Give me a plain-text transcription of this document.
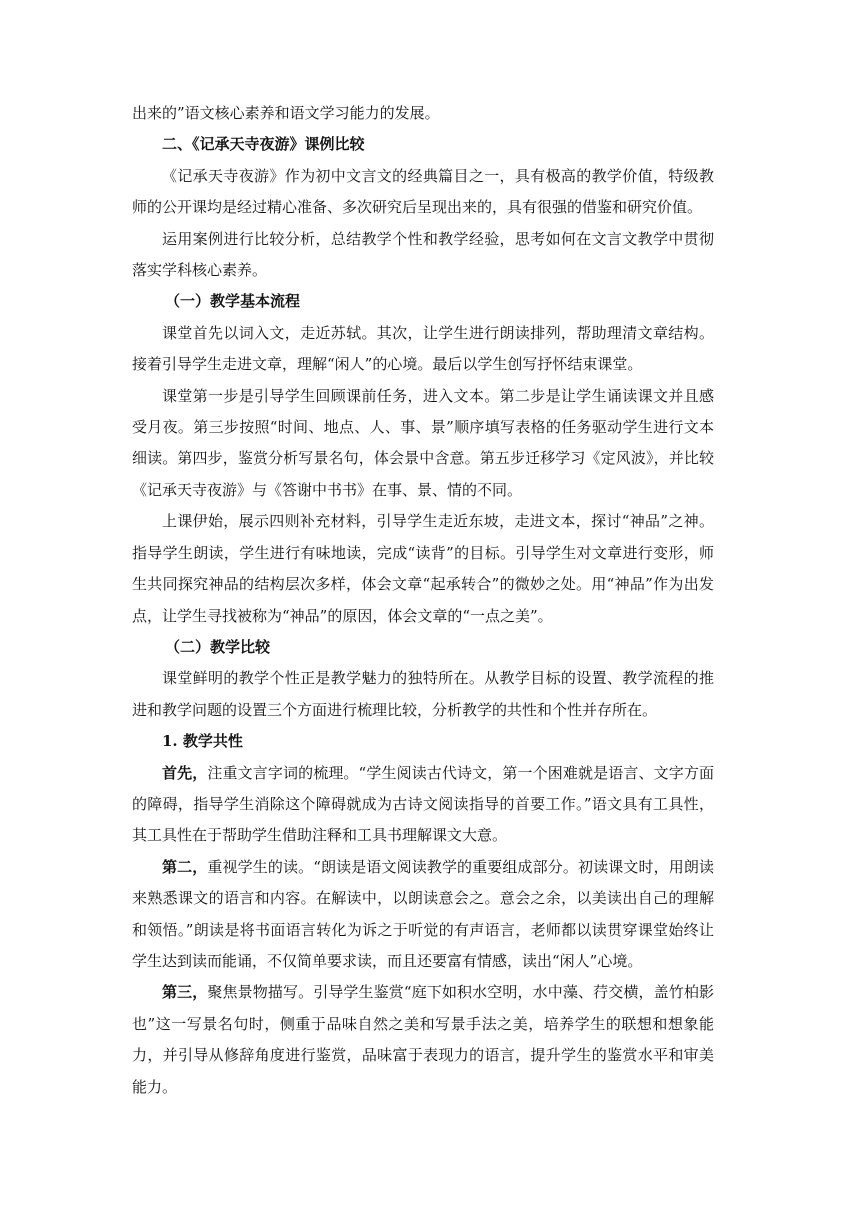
出来的”语文核心素养和语文学习能力的发展。

二、《记承天寺夜游》课例比较

《记承天寺夜游》作为初中文言文的经典篇目之一，具有极高的教学价值，特级教师的公开课均是经过精心准备、多次研究后呈现出来的，具有很强的借鉴和研究价值。

运用案例进行比较分析，总结教学个性和教学经验，思考如何在文言文教学中贯彻落实学科核心素养。

（一）教学基本流程

课堂首先以词入文，走近苏轼。其次，让学生进行朗读排列，帮助理清文章结构。接着引导学生走进文章，理解“闲人”的心境。最后以学生创写抒怀结束课堂。

课堂第一步是引导学生回顾课前任务，进入文本。第二步是让学生诵读课文并且感受月夜。第三步按照“时间、地点、人、事、景”顺序填写表格的任务驱动学生进行文本细读。第四步，鉴赏分析写景名句，体会景中含意。第五步迁移学习《定风波》，并比较《记承天寺夜游》与《答谢中书书》在事、景、情的不同。

上课伊始，展示四则补充材料，引导学生走近东坡，走进文本，探讨“神品”之神。指导学生朗读，学生进行有味地读，完成“读背”的目标。引导学生对文章进行变形，师生共同探究神品的结构层次多样，体会文章“起承转合”的微妙之处。用“神品”作为出发点，让学生寻找被称为“神品”的原因，体会文章的“一点之美”。

（二）教学比较

课堂鲜明的教学个性正是教学魅力的独特所在。从教学目标的设置、教学流程的推进和教学问题的设置三个方面进行梳理比较，分析教学的共性和个性并存所在。

1. 教学共性

首先，注重文言字词的梳理。“学生阅读古代诗文，第一个困难就是语言、文字方面的障碍，指导学生消除这个障碍就成为古诗文阅读指导的首要工作。”语文具有工具性，其工具性在于帮助学生借助注释和工具书理解课文大意。

第二，重视学生的读。“朗读是语文阅读教学的重要组成部分。初读课文时，用朗读来熟悉课文的语言和内容。在解读中，以朗读意会之。意会之余，以美读出自己的理解和领悟。”朗读是将书面语言转化为诉之于听觉的有声语言，老师都以读贯穿课堂始终让学生达到读而能诵，不仅简单要求读，而且还要富有情感，读出“闲人”心境。

第三，聚焦景物描写。引导学生鉴赏“庭下如积水空明，水中藻、荇交横，盖竹柏影也”这一写景名句时，侧重于品味自然之美和写景手法之美，培养学生的联想和想象能力，并引导从修辞角度进行鉴赏，品味富于表现力的语言，提升学生的鉴赏水平和审美能力。
